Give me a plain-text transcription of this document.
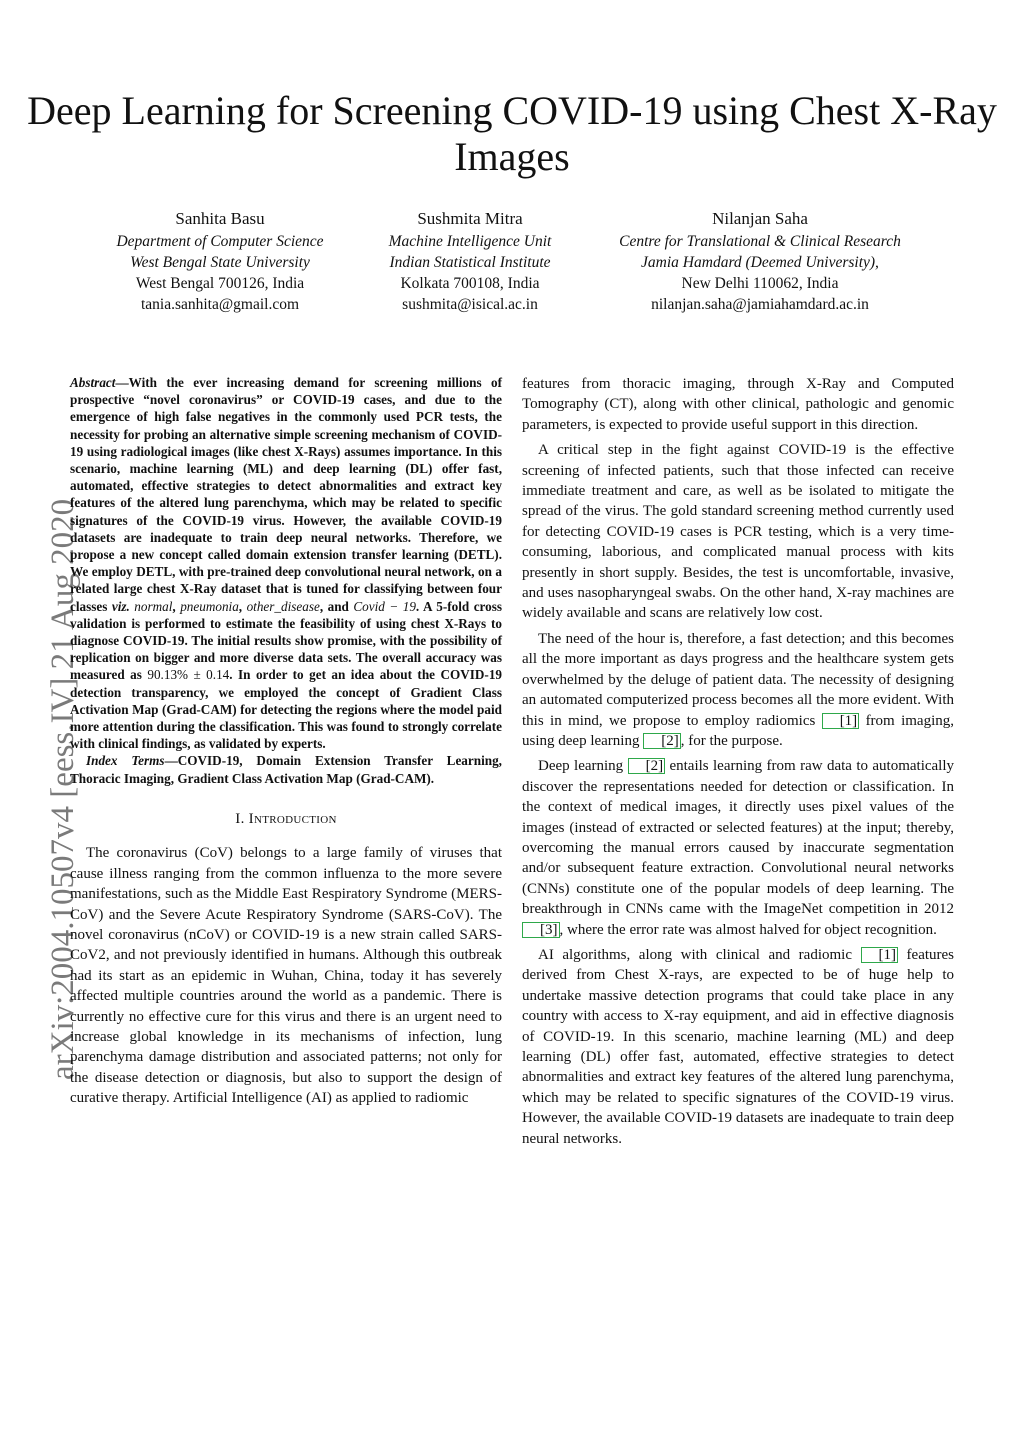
Deep Learning for Screening COVID-19 using Chest X-Ray Images
Sanhita Basu
Department of Computer Science
West Bengal State University
West Bengal 700126, India
tania.sanhita@gmail.com
Sushmita Mitra
Machine Intelligence Unit
Indian Statistical Institute
Kolkata 700108, India
sushmita@isical.ac.in
Nilanjan Saha
Centre for Translational & Clinical Research
Jamia Hamdard (Deemed University),
New Delhi 110062, India
nilanjan.saha@jamiahamdard.ac.in
arXiv:2004.10507v4 [eess.IV] 21 Aug 2020

Abstract—With the ever increasing demand for screening millions of prospective “novel coronavirus” or COVID-19 cases, and due to the emergence of high false negatives in the commonly used PCR tests, the necessity for probing an alternative simple screening mechanism of COVID-19 using radiological images (like chest X-Rays) assumes importance. In this scenario, machine learning (ML) and deep learning (DL) offer fast, automated, effective strategies to detect abnormalities and extract key features of the altered lung parenchyma, which may be related to specific signatures of the COVID-19 virus. However, the available COVID-19 datasets are inadequate to train deep neural networks. Therefore, we propose a new concept called domain extension transfer learning (DETL). We employ DETL, with pre-trained deep convolutional neural network, on a related large chest X-Ray dataset that is tuned for classifying between four classes viz. normal, pneumonia, other_disease, and Covid − 19. A 5-fold cross validation is performed to estimate the feasibility of using chest X-Rays to diagnose COVID-19. The initial results show promise, with the possibility of replication on bigger and more diverse data sets. The overall accuracy was measured as 90.13% ± 0.14. In order to get an idea about the COVID-19 detection transparency, we employed the concept of Gradient Class Activation Map (Grad-CAM) for detecting the regions where the model paid more attention during the classification. This was found to strongly correlate with clinical findings, as validated by experts.

Index Terms—COVID-19, Domain Extension Transfer Learning, Thoracic Imaging, Gradient Class Activation Map (Grad-CAM).

I. Introduction

The coronavirus (CoV) belongs to a large family of viruses that cause illness ranging from the common influenza to the more severe manifestations, such as the Middle East Respiratory Syndrome (MERS-CoV) and the Severe Acute Respiratory Syndrome (SARS-CoV). The novel coronavirus (nCoV) or COVID-19 is a new strain called SARS-CoV2, and not previously identified in humans. Although this outbreak had its start as an epidemic in Wuhan, China, today it has severely affected multiple countries around the world as a pandemic. There is currently no effective cure for this virus and there is an urgent need to increase global knowledge in its mechanisms of infection, lung parenchyma damage distribution and associated patterns; not only for the disease detection or diagnosis, but also to support the design of curative therapy. Artificial Intelligence (AI) as applied to radiomic

features from thoracic imaging, through X-Ray and Computed Tomography (CT), along with other clinical, pathologic and genomic parameters, is expected to provide useful support in this direction.

A critical step in the fight against COVID-19 is the effective screening of infected patients, such that those infected can receive immediate treatment and care, as well as be isolated to mitigate the spread of the virus. The gold standard screening method currently used for detecting COVID-19 cases is PCR testing, which is a very time-consuming, laborious, and complicated manual process with kits presently in short supply. Besides, the test is uncomfortable, invasive, and uses nasopharyngeal swabs. On the other hand, X-ray machines are widely available and scans are relatively low cost.

The need of the hour is, therefore, a fast detection; and this becomes all the more important as days progress and the healthcare system gets overwhelmed by the deluge of patient data. The necessity of designing an automated computerized process becomes all the more evident. With this in mind, we propose to employ radiomics [1] from imaging, using deep learning [2] , for the purpose.

Deep learning [2] entails learning from raw data to automatically discover the representations needed for detection or classification. In the context of medical images, it directly uses pixel values of the images (instead of extracted or selected features) at the input; thereby, overcoming the manual errors caused by inaccurate segmentation and/or subsequent feature extraction. Convolutional neural networks (CNNs) constitute one of the popular models of deep learning. The breakthrough in CNNs came with the ImageNet competition in 2012 [3] , where the error rate was almost halved for object recognition.

AI algorithms, along with clinical and radiomic [1] features derived from Chest X-rays, are expected to be of huge help to undertake massive detection programs that could take place in any country with access to X-ray equipment, and aid in effective diagnosis of COVID-19. In this scenario, machine learning (ML) and deep learning (DL) offer fast, automated, effective strategies to detect abnormalities and extract key features of the altered lung parenchyma, which may be related to specific signatures of the COVID-19 virus. However, the available COVID-19 datasets are inadequate to train deep neural networks.
